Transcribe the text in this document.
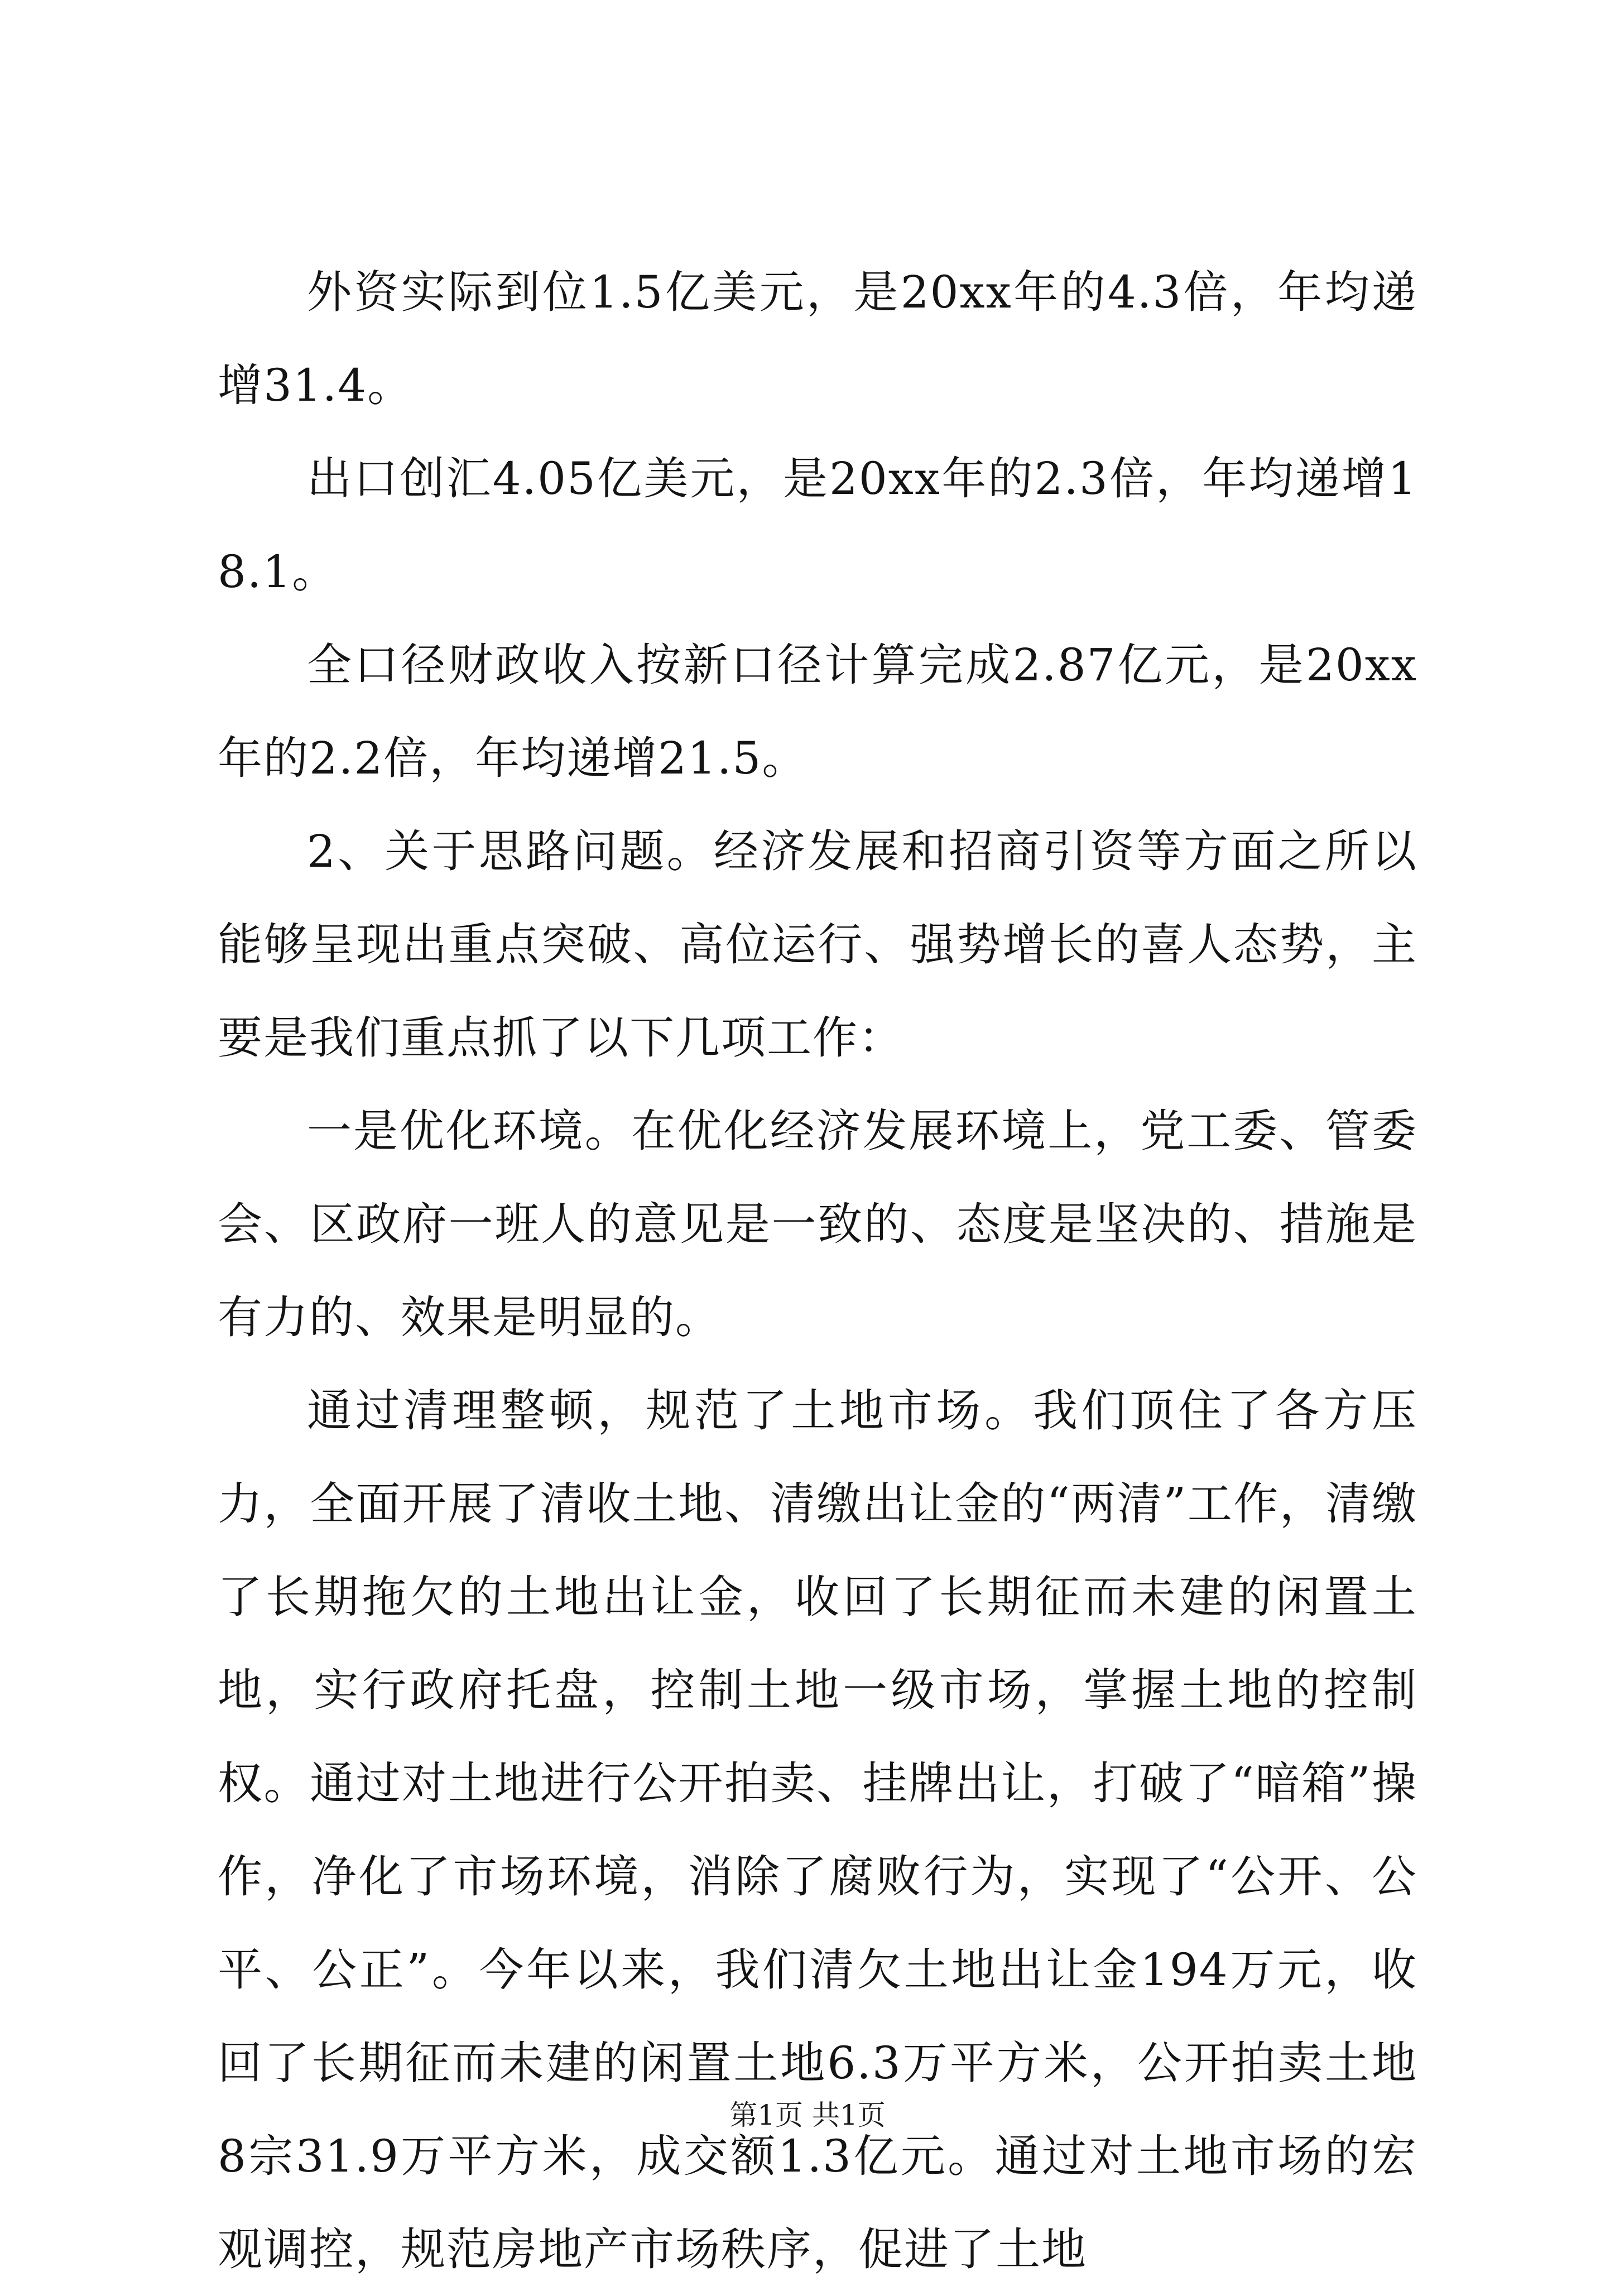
外资实际到位1.5亿美元，是20xx年的4.3倍，年均递增31.4。

出口创汇4.05亿美元，是20xx年的2.3倍，年均递增18.1。

全口径财政收入按新口径计算完成2.87亿元，是20xx年的2.2倍，年均递增21.5。

2、关于思路问题。经济发展和招商引资等方面之所以能够呈现出重点突破、高位运行、强势增长的喜人态势，主要是我们重点抓了以下几项工作：

一是优化环境。在优化经济发展环境上，党工委、管委会、区政府一班人的意见是一致的、态度是坚决的、措施是有力的、效果是明显的。

通过清理整顿，规范了土地市场。我们顶住了各方压力，全面开展了清收土地、清缴出让金的“两清”工作，清缴了长期拖欠的土地出让金，收回了长期征而未建的闲置土地，实行政府托盘，控制土地一级市场，掌握土地的控制权。通过对土地进行公开拍卖、挂牌出让，打破了“暗箱”操作，净化了市场环境，消除了腐败行为，实现了“公开、公平、公正”。今年以来，我们清欠土地出让金194万元，收回了长期征而未建的闲置土地6.3万平方米，公开拍卖土地8宗31.9万平方米，成交额1.3亿元。通过对土地市场的宏观调控，规范房地产市场秩序，促进了土地

第1页 共1页
